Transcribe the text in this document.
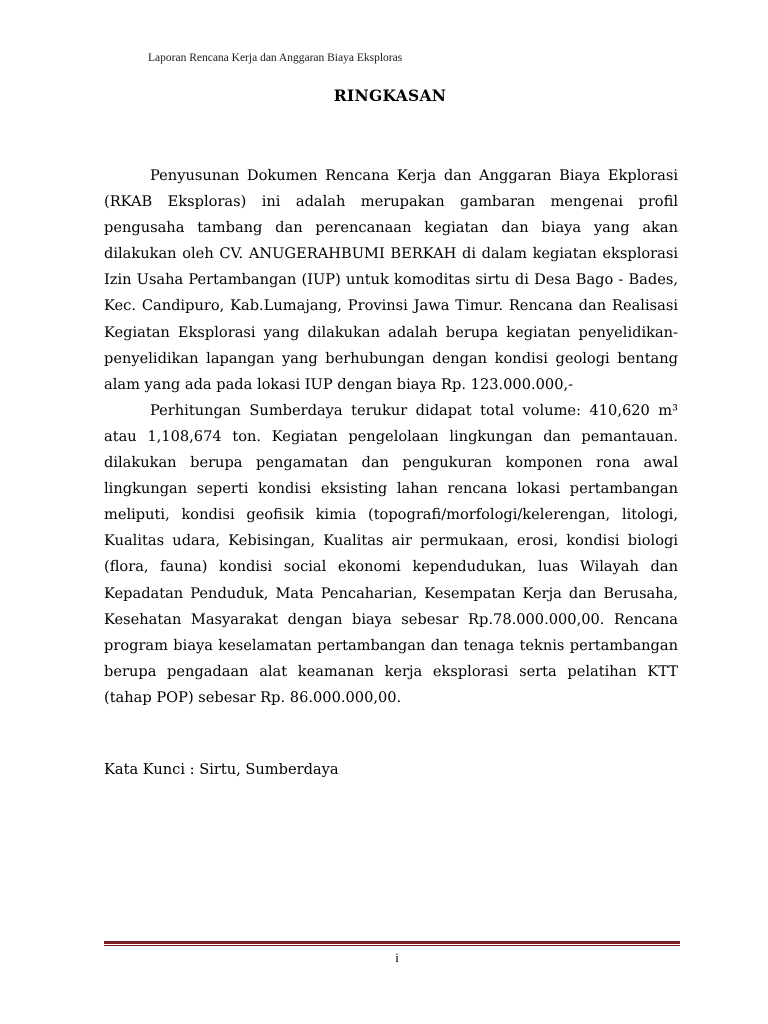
Laporan Rencana Kerja dan Anggaran Biaya Eksploras
RINGKASAN

Penyusunan Dokumen Rencana Kerja dan Anggaran Biaya Ekplorasi (RKAB Eksploras) ini adalah merupakan gambaran mengenai profil pengusaha tambang dan perencanaan kegiatan dan biaya yang akan dilakukan oleh CV. ANUGERAHBUMI BERKAH di dalam kegiatan eksplorasi Izin Usaha Pertambangan (IUP) untuk komoditas sirtu di Desa Bago - Bades, Kec. Candipuro, Kab.Lumajang, Provinsi Jawa Timur. Rencana dan Realisasi Kegiatan Eksplorasi yang dilakukan adalah berupa kegiatan penyelidikan-penyelidikan lapangan yang berhubungan dengan kondisi geologi bentang alam yang ada pada lokasi IUP dengan biaya Rp. 123.000.000,-

Perhitungan Sumberdaya terukur didapat total volume: 410,620 m³ atau 1,108,674 ton. Kegiatan pengelolaan lingkungan dan pemantauan. dilakukan berupa pengamatan dan pengukuran komponen rona awal lingkungan seperti kondisi eksisting lahan rencana lokasi pertambangan meliputi, kondisi geofisik kimia (topografi/morfologi/kelerengan, litologi, Kualitas udara, Kebisingan, Kualitas air permukaan, erosi, kondisi biologi (flora, fauna) kondisi social ekonomi kependudukan, luas Wilayah dan Kepadatan Penduduk, Mata Pencaharian, Kesempatan Kerja dan Berusaha, Kesehatan Masyarakat dengan biaya sebesar Rp.78.000.000,00. Rencana program biaya keselamatan pertambangan dan tenaga teknis pertambangan berupa pengadaan alat keamanan kerja eksplorasi serta pelatihan KTT (tahap POP) sebesar Rp. 86.000.000,00.

Kata Kunci : Sirtu, Sumberdaya
i
